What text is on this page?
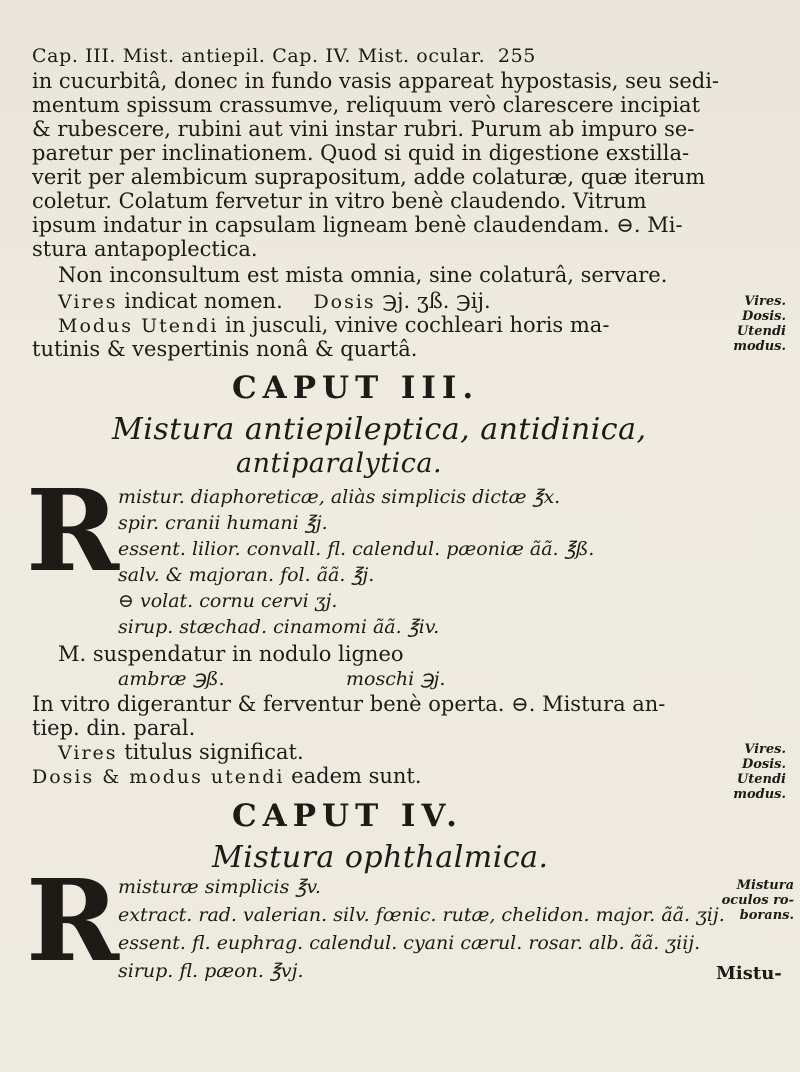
Cap. III. Mist. antiepil. Cap. IV. Mist. ocular. 255
in cucurbitâ, donec in fundo vasis appareat hypostasis, seu sedi-
mentum spissum crassumve, reliquum verò clarescere incipiat
& rubescere, rubini aut vini instar rubri. Purum ab impuro se-
paretur per inclinationem. Quod si quid in digestione exstilla-
verit per alembicum suprapositum, adde colaturæ, quæ iterum
coletur. Colatum fervetur in vitro benè claudendo. Vitrum
ipsum indatur in capsulam ligneam benè claudendam. ⊖. Mi-
stura antapoplectica.
Non inconsultum est mista omnia, sine colaturâ, servare.
Vires indicat nomen. Dosis ℈j. ʒß. ℈ij.
Modus Utendi in jusculi, vinive cochleari horis ma-
tutinis & vespertinis nonâ & quartâ.
Vires.
Dosis.
Utendi
modus.
CAPUT III.
Mistura antiepileptica, antidinica,
antiparalytica.
R
mistur. diaphoreticæ, aliàs simplicis dictæ ℥x.
spir. cranii humani ℥j.
essent. lilior. convall. fl. calendul. pæoniæ ãã. ℥ß.
salv. & majoran. fol. ãã. ℥j.
⊖ volat. cornu cervi ʒj.
sirup. stæchad. cinamomi ãã. ℥iv.
M. suspendatur in nodulo ligneo
ambræ ℈ß.	moschi ℈j.
In vitro digerantur & ferventur benè operta. ⊖. Mistura an-
tiep. din. paral.
Vires titulus significat.
Dosis & modus utendi eadem sunt.
Vires.
Dosis.
Utendi
modus.
CAPUT IV.
Mistura ophthalmica.
R
misturæ simplicis ℥v.
extract. rad. valerian. silv. fœnic. rutæ, chelidon. major. ãã. ʒij.
essent. fl. euphrag. calendul. cyani cærul. rosar. alb. ãã. ʒiij.
sirup. fl. pæon. ℥vj.	Mistu-
Mistura
oculos ro-
borans.
